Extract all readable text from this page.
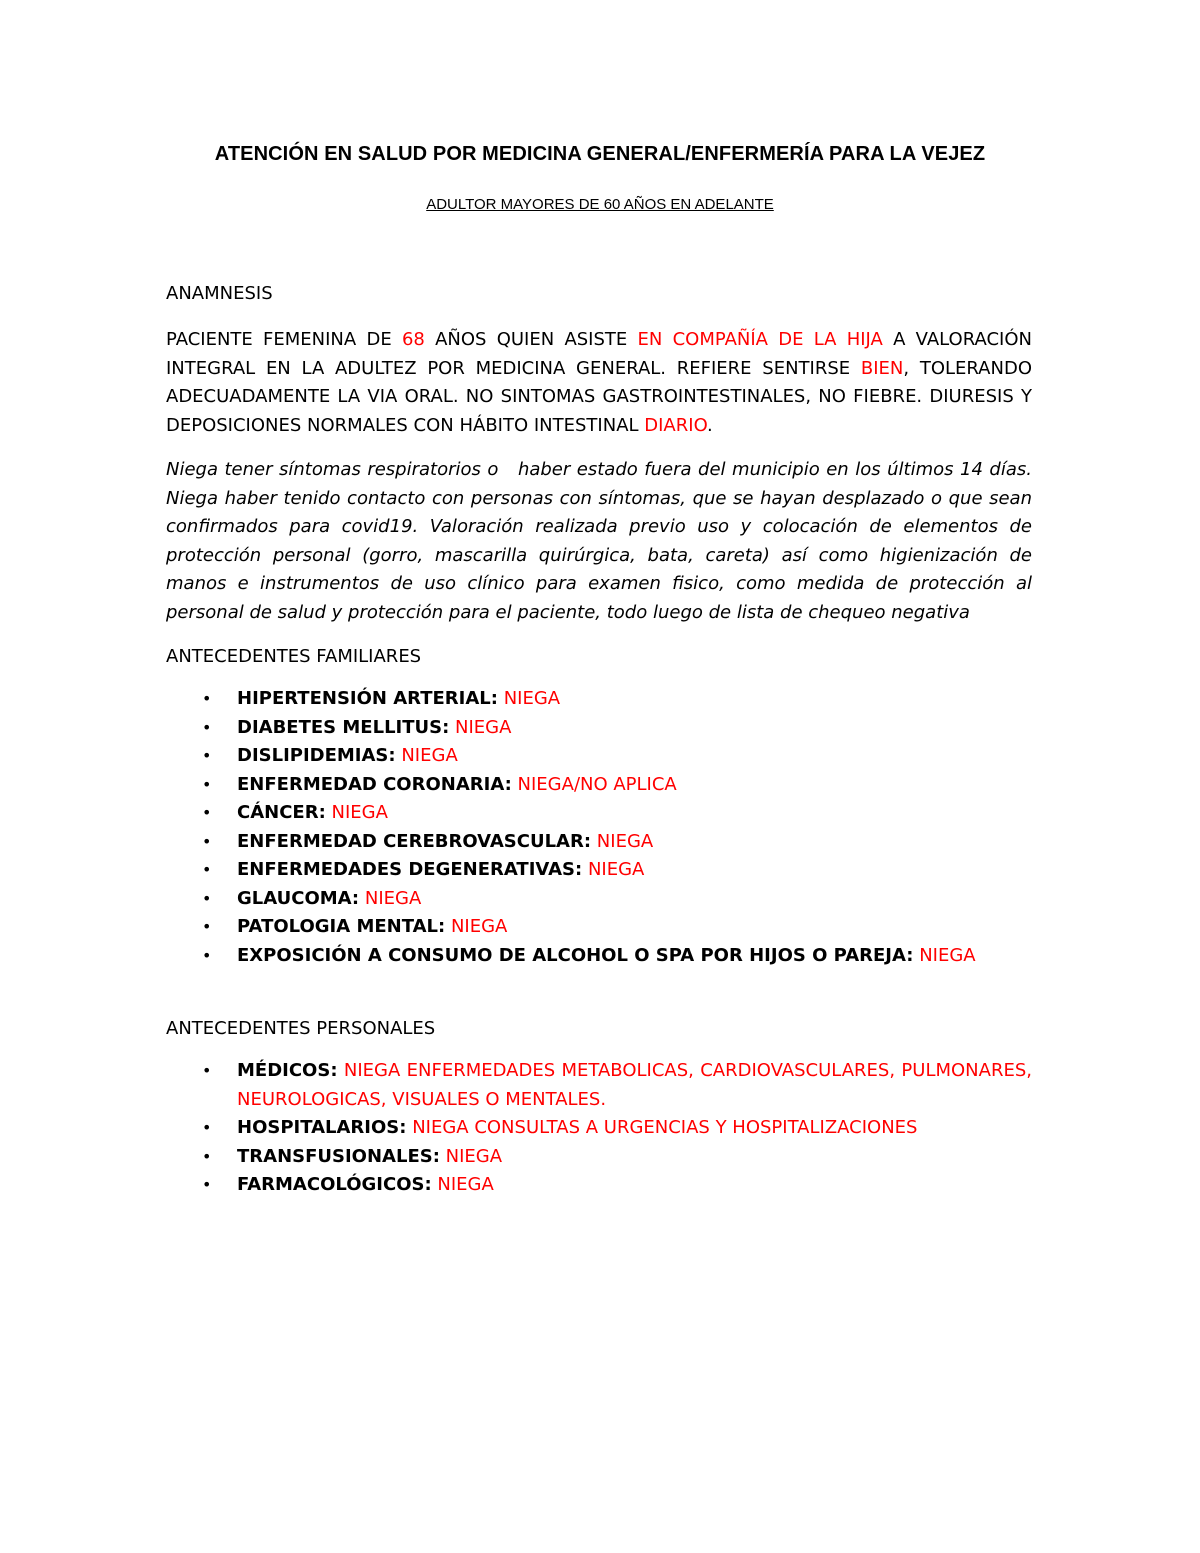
ATENCIÓN EN SALUD POR MEDICINA GENERAL/ENFERMERÍA PARA LA VEJEZ
ADULTOR MAYORES DE 60 AÑOS EN ADELANTE
ANAMNESIS

PACIENTE FEMENINA DE 68 AÑOS QUIEN ASISTE EN COMPAÑÍA DE LA HIJA A VALORACIÓN INTEGRAL EN LA ADULTEZ POR MEDICINA GENERAL. REFIERE SENTIRSE BIEN, TOLERANDO ADECUADAMENTE LA VIA ORAL. NO SINTOMAS GASTROINTESTINALES, NO FIEBRE. DIURESIS Y DEPOSICIONES NORMALES CON HÁBITO INTESTINAL DIARIO.

Niega tener síntomas respiratorios o   haber estado fuera del municipio en los últimos 14 días. Niega haber tenido contacto con personas con síntomas, que se hayan desplazado o que sean confirmados para covid19. Valoración realizada previo uso y colocación de elementos de protección personal (gorro, mascarilla quirúrgica, bata, careta) así como higienización de manos e instrumentos de uso clínico para examen fisico, como medida de protección al personal de salud y protección para el paciente, todo luego de lista de chequeo negativa

ANTECEDENTES FAMILIARES
• HIPERTENSIÓN ARTERIAL: NIEGA
• DIABETES MELLITUS: NIEGA
• DISLIPIDEMIAS: NIEGA
• ENFERMEDAD CORONARIA: NIEGA/NO APLICA
• CÁNCER: NIEGA
• ENFERMEDAD CEREBROVASCULAR: NIEGA
• ENFERMEDADES DEGENERATIVAS: NIEGA
• GLAUCOMA: NIEGA
• PATOLOGIA MENTAL: NIEGA
• EXPOSICIÓN A CONSUMO DE ALCOHOL O SPA POR HIJOS O PAREJA: NIEGA
ANTECEDENTES PERSONALES
• MÉDICOS: NIEGA ENFERMEDADES METABOLICAS, CARDIOVASCULARES, PULMONARES, NEUROLOGICAS, VISUALES O MENTALES.
• HOSPITALARIOS: NIEGA CONSULTAS A URGENCIAS Y HOSPITALIZACIONES
• TRANSFUSIONALES: NIEGA
• FARMACOLÓGICOS: NIEGA
